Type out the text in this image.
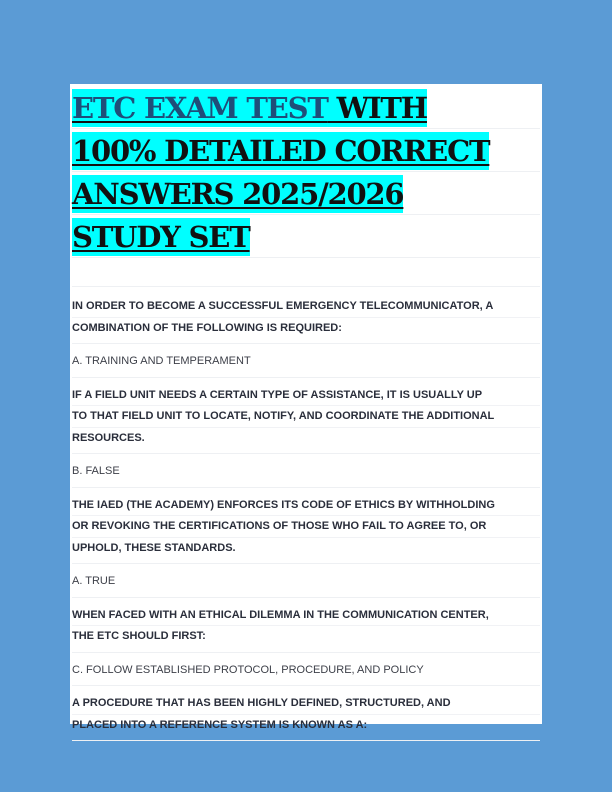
ETC EXAM TEST WITH
100% DETAILED CORRECT
ANSWERS 2025/2026
STUDY SET
IN ORDER TO BECOME A SUCCESSFUL EMERGENCY TELECOMMUNICATOR, A
COMBINATION OF THE FOLLOWING IS REQUIRED:
A. TRAINING AND TEMPERAMENT
IF A FIELD UNIT NEEDS A CERTAIN TYPE OF ASSISTANCE, IT IS USUALLY UP
TO THAT FIELD UNIT TO LOCATE, NOTIFY, AND COORDINATE THE ADDITIONAL
RESOURCES.
B. FALSE
THE IAED (THE ACADEMY) ENFORCES ITS CODE OF ETHICS BY WITHHOLDING
OR REVOKING THE CERTIFICATIONS OF THOSE WHO FAIL TO AGREE TO, OR
UPHOLD, THESE STANDARDS.
A. TRUE
WHEN FACED WITH AN ETHICAL DILEMMA IN THE COMMUNICATION CENTER,
THE ETC SHOULD FIRST:
C. FOLLOW ESTABLISHED PROTOCOL, PROCEDURE, AND POLICY
A PROCEDURE THAT HAS BEEN HIGHLY DEFINED, STRUCTURED, AND
PLACED INTO A REFERENCE SYSTEM IS KNOWN AS A:
